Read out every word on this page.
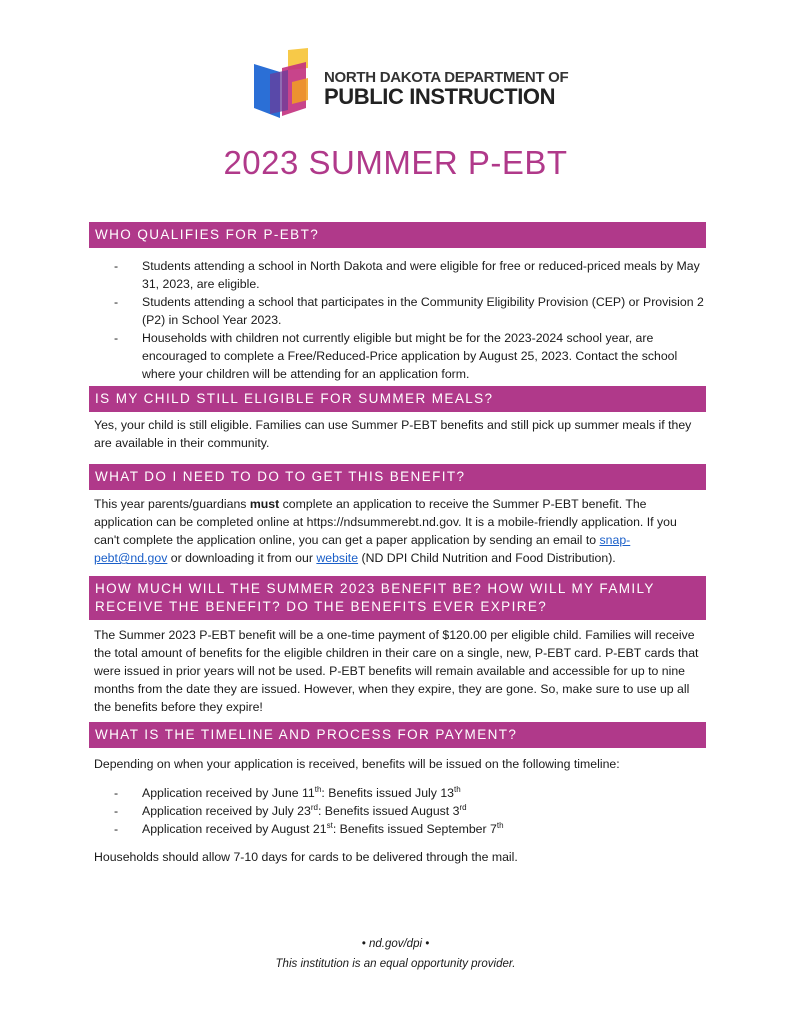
NORTH DAKOTA DEPARTMENT OF
PUBLIC INSTRUCTION
2023 SUMMER P-EBT
WHO QUALIFIES FOR P-EBT?
- Students attending a school in North Dakota and were eligible for free or reduced-priced meals by May 31, 2023, are eligible.
- Students attending a school that participates in the Community Eligibility Provision (CEP) or Provision 2 (P2) in School Year 2023.
- Households with children not currently eligible but might be for the 2023-2024 school year, are encouraged to complete a Free/Reduced-Price application by August 25, 2023. Contact the school where your children will be attending for an application form.
IS MY CHILD STILL ELIGIBLE FOR SUMMER MEALS?
Yes, your child is still eligible. Families can use Summer P-EBT benefits and still pick up summer meals if they are available in their community.
WHAT DO I NEED TO DO TO GET THIS BENEFIT?
This year parents/guardians must complete an application to receive the Summer P-EBT benefit. The application can be completed online at https://ndsummerebt.nd.gov. It is a mobile-friendly application. If you can't complete the application online, you can get a paper application by sending an email to snap-pebt@nd.gov or downloading it from our website (ND DPI Child Nutrition and Food Distribution).
HOW MUCH WILL THE SUMMER 2023 BENEFIT BE? HOW WILL MY FAMILY
RECEIVE THE BENEFIT? DO THE BENEFITS EVER EXPIRE?
The Summer 2023 P-EBT benefit will be a one-time payment of $120.00 per eligible child. Families will receive the total amount of benefits for the eligible children in their care on a single, new, P-EBT card. P-EBT cards that were issued in prior years will not be used. P-EBT benefits will remain available and accessible for up to nine months from the date they are issued. However, when they expire, they are gone. So, make sure to use up all the benefits before they expire!
WHAT IS THE TIMELINE AND PROCESS FOR PAYMENT?
Depending on when your application is received, benefits will be issued on the following timeline:
- Application received by June 11th: Benefits issued July 13th
- Application received by July 23rd: Benefits issued August 3rd
- Application received by August 21st: Benefits issued September 7th
Households should allow 7-10 days for cards to be delivered through the mail.
• nd.gov/dpi •
This institution is an equal opportunity provider.
